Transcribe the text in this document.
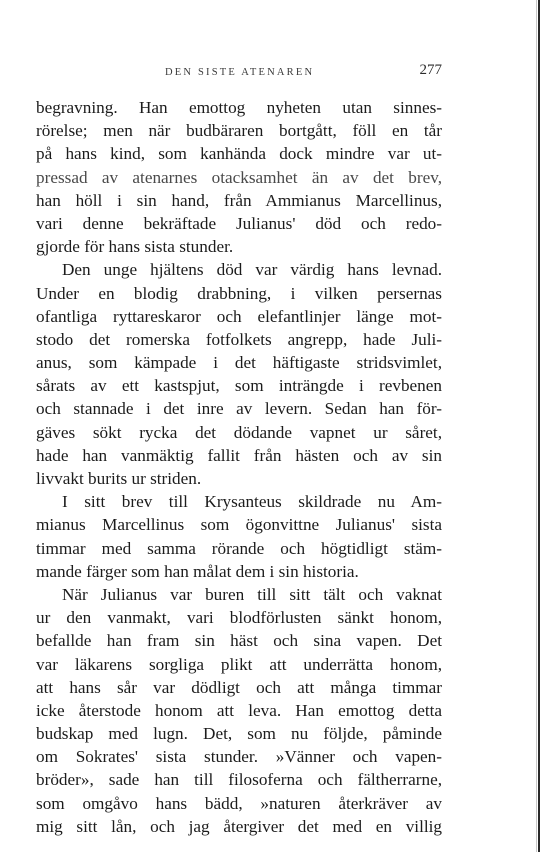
DEN SISTE ATENAREN	277
begravning. Han emottog nyheten utan sinnes-
rörelse; men när budbäraren bortgått, föll en tår
på hans kind, som kanhända dock mindre var ut-
pressad av atenarnes otacksamhet än av det brev,
han höll i sin hand, från Ammianus Marcellinus,
vari denne bekräftade Julianus' död och redo-
gjorde för hans sista stunder.
Den unge hjältens död var värdig hans levnad.
Under en blodig drabbning, i vilken persernas
ofantliga ryttareskaror och elefantlinjer länge mot-
stodo det romerska fotfolkets angrepp, hade Juli-
anus, som kämpade i det häftigaste stridsvimlet,
sårats av ett kastspjut, som inträngde i revbenen
och stannade i det inre av levern. Sedan han för-
gäves sökt rycka det dödande vapnet ur såret,
hade han vanmäktig fallit från hästen och av sin
livvakt burits ur striden.
I sitt brev till Krysanteus skildrade nu Am-
mianus Marcellinus som ögonvittne Julianus' sista
timmar med samma rörande och högtidligt stäm-
mande färger som han målat dem i sin historia.
När Julianus var buren till sitt tält och vaknat
ur den vanmakt, vari blodförlusten sänkt honom,
befallde han fram sin häst och sina vapen. Det
var läkarens sorgliga plikt att underrätta honom,
att hans sår var dödligt och att många timmar
icke återstode honom att leva. Han emottog detta
budskap med lugn. Det, som nu följde, påminde
om Sokrates' sista stunder. »Vänner och vapen-
bröder», sade han till filosoferna och fältherrarne,
som omgåvo hans bädd, »naturen återkräver av
mig sitt lån, och jag återgiver det med en villig
